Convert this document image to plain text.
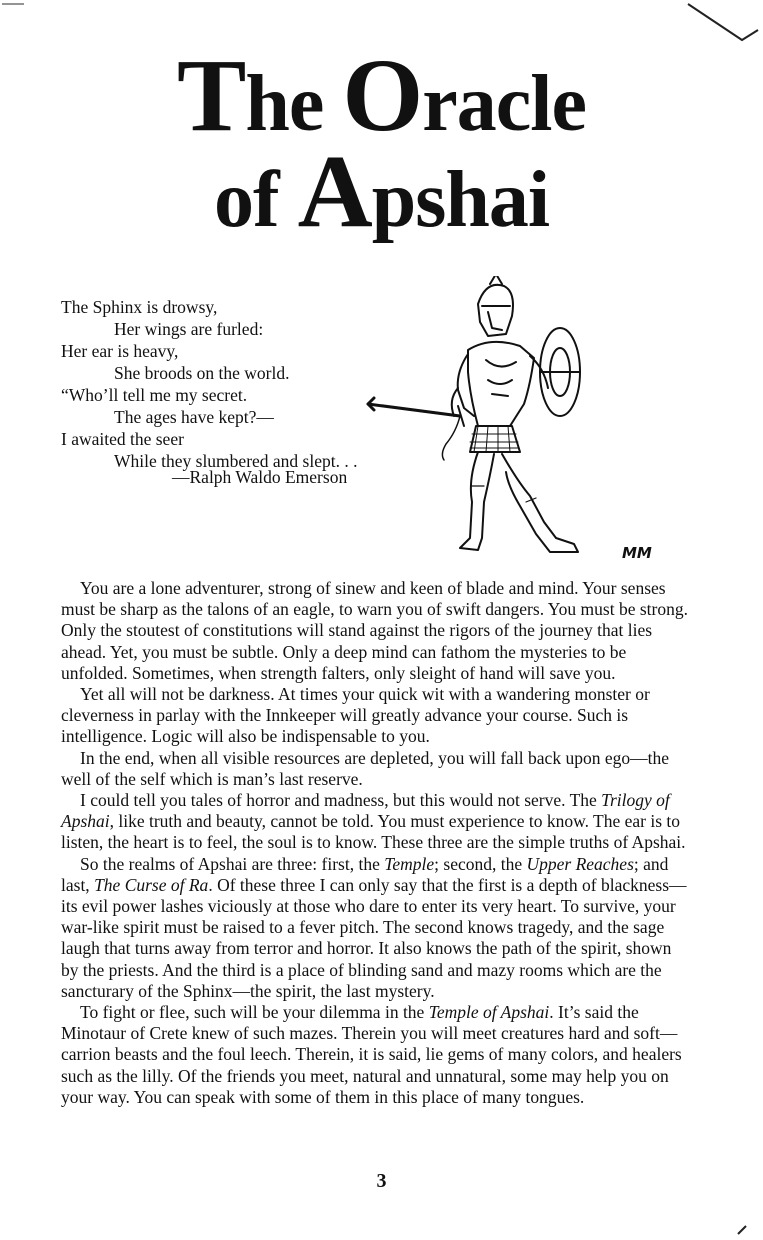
The Oracle
of Apshai
The Sphinx is drowsy,
Her wings are furled:
Her ear is heavy,
She broods on the world.
“Who’ll tell me my secret.
The ages have kept?—
I awaited the seer
While they slumbered and slept. . .
—Ralph Waldo Emerson
MM

You are a lone adventurer, strong of sinew and keen of blade and mind. Your senses must be sharp as the talons of an eagle, to warn you of swift dangers. You must be strong. Only the stoutest of constitutions will stand against the rigors of the journey that lies ahead. Yet, you must be subtle. Only a deep mind can fathom the mysteries to be unfolded. Sometimes, when strength falters, only sleight of hand will save you.

Yet all will not be darkness. At times your quick wit with a wandering monster or cleverness in parlay with the Innkeeper will greatly advance your course. Such is intelligence. Logic will also be indispensable to you.

In the end, when all visible resources are depleted, you will fall back upon ego—the well of the self which is man’s last reserve.

I could tell you tales of horror and madness, but this would not serve. The Trilogy of Apshai, like truth and beauty, cannot be told. You must experience to know. The ear is to listen, the heart is to feel, the soul is to know. These three are the simple truths of Apshai.

So the realms of Apshai are three: first, the Temple; second, the Upper Reaches; and last, The Curse of Ra. Of these three I can only say that the first is a depth of blackness—its evil power lashes viciously at those who dare to enter its very heart. To survive, your war-like spirit must be raised to a fever pitch. The second knows tragedy, and the sage laugh that turns away from terror and horror. It also knows the path of the spirit, shown by the priests. And the third is a place of blinding sand and mazy rooms which are the sancturary of the Sphinx—the spirit, the last mystery.

To fight or flee, such will be your dilemma in the Temple of Apshai. It’s said the Minotaur of Crete knew of such mazes. Therein you will meet creatures hard and soft—carrion beasts and the foul leech. Therein, it is said, lie gems of many colors, and healers such as the lilly. Of the friends you meet, natural and unnatural, some may help you on your way. You can speak with some of them in this place of many tongues.

3
